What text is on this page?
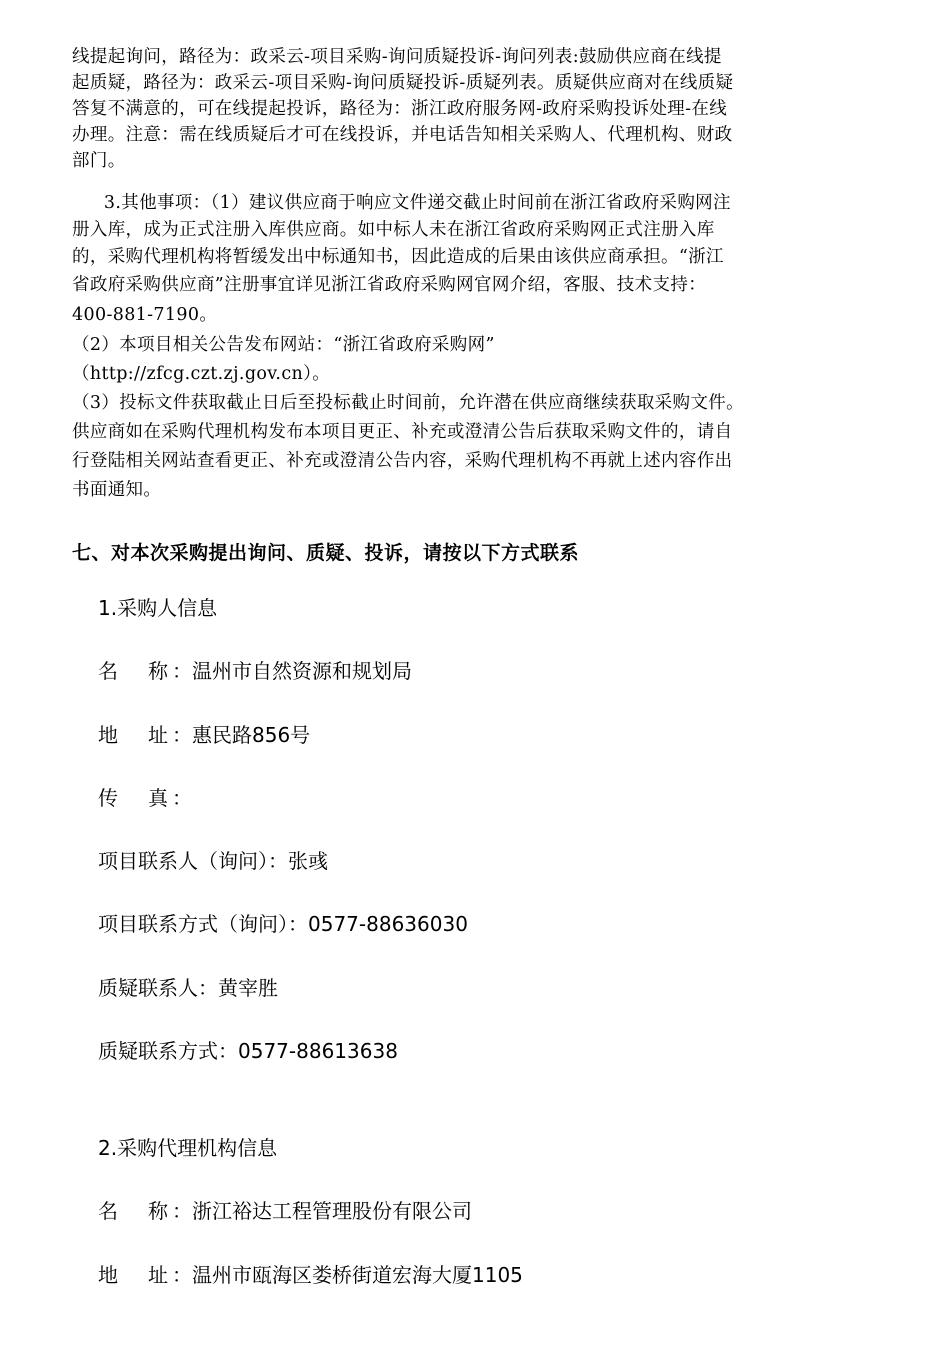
线提起询问，路径为：政采云-项目采购-询问质疑投诉-询问列表:鼓励供应商在线提
起质疑，路径为：政采云-项目采购-询问质疑投诉-质疑列表。质疑供应商对在线质疑
答复不满意的，可在线提起投诉，路径为：浙江政府服务网-政府采购投诉处理-在线
办理。注意：需在线质疑后才可在线投诉，并电话告知相关采购人、代理机构、财政
部门。
　3.其他事项：（1）建议供应商于响应文件递交截止时间前在浙江省政府采购网注
册入库，成为正式注册入库供应商。如中标人未在浙江省政府采购网正式注册入库
的，采购代理机构将暂缓发出中标通知书，因此造成的后果由该供应商承担。“浙江
省政府采购供应商”注册事宜详见浙江省政府采购网官网介绍，客服、技术支持：
400-881-7190。
（2）本项目相关公告发布网站：“浙江省政府采购网”
（http://zfcg.czt.zj.gov.cn）。
（3）投标文件获取截止日后至投标截止时间前，允许潜在供应商继续获取采购文件。
供应商如在采购代理机构发布本项目更正、补充或澄清公告后获取采购文件的，请自
行登陆相关网站查看更正、补充或澄清公告内容，采购代理机构不再就上述内容作出
书面通知。
七、对本次采购提出询问、质疑、投诉，请按以下方式联系
1.采购人信息
名 称 ：温州市自然资源和规划局
地 址 ：惠民路856号
传 真 ：
项目联系人（询问）：张彧
项目联系方式（询问）：0577-88636030
质疑联系人：黄宰胜
质疑联系方式：0577-88613638
2.采购代理机构信息
名 称 ：浙江裕达工程管理股份有限公司
地 址 ：温州市瓯海区娄桥街道宏海大厦1105
